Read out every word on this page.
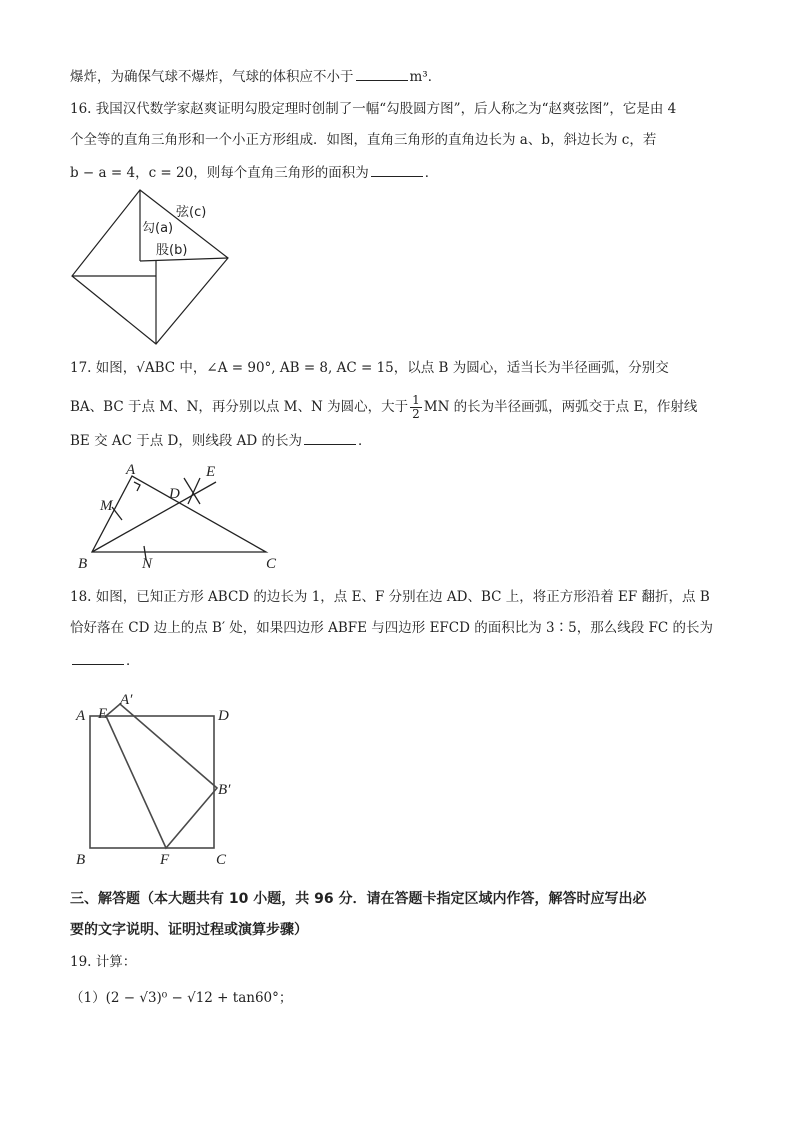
爆炸，为确保气球不爆炸，气球的体积应不小于	m³．
16. 我国汉代数学家赵爽证明勾股定理时创制了一幅“勾股圆方图”，后人称之为“赵爽弦图”，它是由 4
个全等的直角三角形和一个小正方形组成．如图，直角三角形的直角边长为 a、b，斜边长为 c，若
b − a = 4，c = 20，则每个直角三角形的面积为	．
弦(c)
勾(a)
股(b)
17. 如图，√ABC 中，∠A = 90°, AB = 8, AC = 15，以点 B 为圆心，适当长为半径画弧，分别交
BA、BC 于点 M、N，再分别以点 M、N 为圆心，大于 $\frac{1}{2}$ MN 的长为半径画弧，两弧交于点 E，作射线
BE 交 AC 于点 D，则线段 AD 的长为	．
A
B	C
D
E
M
N
18. 如图，已知正方形 ABCD 的边长为 1，点 E、F 分别在边 AD、BC 上，将正方形沿着 EF 翻折，点 B
恰好落在 CD 边上的点 B′ 处，如果四边形 ABFE 与四边形 EFCD 的面积比为 3∶5，那么线段 FC 的长为
．
A E
A′
D
B′
B	F	C
三、解答题（本大题共有 10 小题，共 96 分．请在答题卡指定区域内作答，解答时应写出必
要的文字说明、证明过程或演算步骤）
19. 计算：
（1）(2 − √3)⁰ − √12 + tan60°；
